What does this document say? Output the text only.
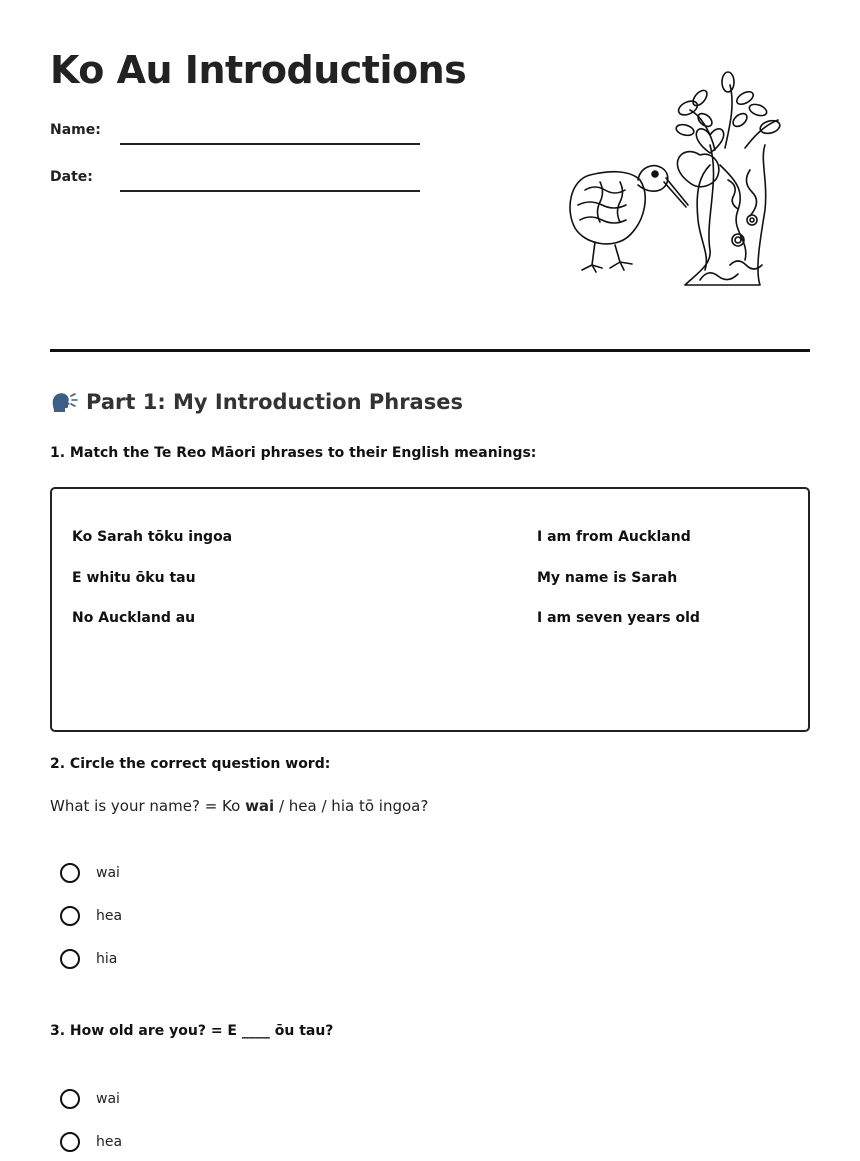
Ko Au Introductions
Name:
Date:
Part 1: My Introduction Phrases
1. Match the Te Reo Māori phrases to their English meanings:
Ko Sarah tōku ingoa
E whitu ōku tau
No Auckland au
I am from Auckland
My name is Sarah
I am seven years old
2. Circle the correct question word:
What is your name? = Ko wai / hea / hia tō ingoa?
wai
hea
hia
3. How old are you? = E ____ ōu tau?
wai
hea
